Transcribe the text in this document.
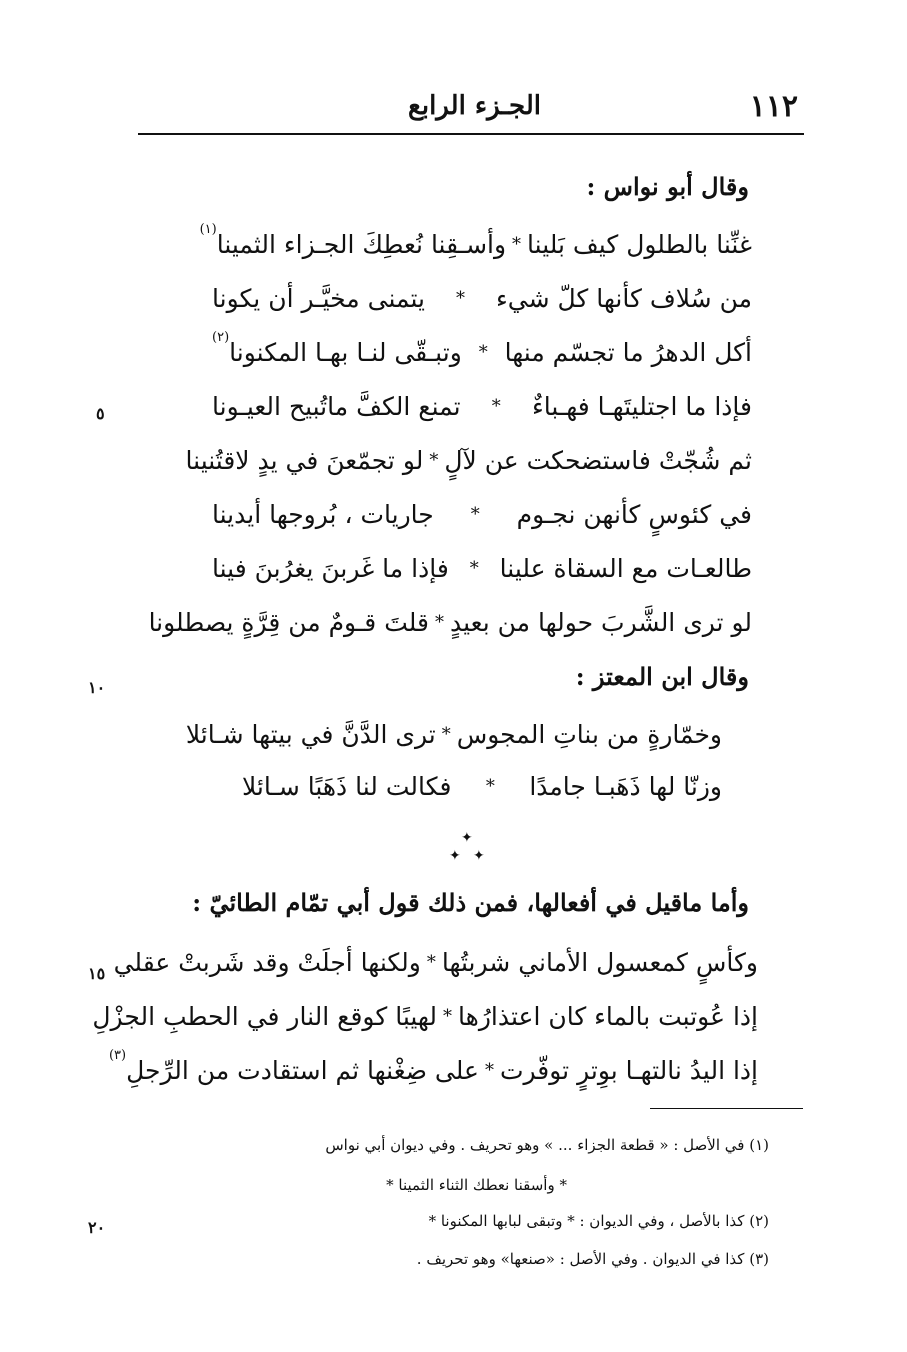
١١٢
الجـزء الرابع
وقال أبو نواس :
غنِّنا بالطلول كيف بَلينا
*
وأسـقِنا نُعطِكَ الجـزاء الثمينا$^{(١)}$
من سُلاف كأنها كلّ شيء
*
يتمنى مخيَّـر أن يكونا
أكل الدهرُ ما تجسّم منها
*
وتبـقّى لنـا بهـا المكنونا$^{(٢)}$
فإذا ما اجتليتَهـا فهـباءٌ
*
تمنع الكفَّ ماتُبيح العيـونا
ثم شُجّتْ فاستضحكت عن لآلٍ
*
لو تجمّعنَ في يدٍ لاقتُنينا
في كئوسٍ كأنهن نجـوم
*
جاريات ، بُروجها أيدينا
طالعـات مع السقاة علينا
*
فإذا ما غَربنَ يغرُبنَ فينا
لو ترى الشَّربَ حولها من بعيدٍ
*
قلتَ قـومٌ من قِرَّةٍ يصطلونا
وقال ابن المعتز :
وخمّارةٍ من بناتِ المجوس
*
ترى الدَّنَّ في بيتها شـائلا
وزنّا لها ذَهَبـا جامدًا
*
فكالت لنا ذَهَبًا سـائلا
✦
✦ ✦
وأما ماقيل في أفعالها، فمن ذلك قول أبي تمّام الطائيّ :
وكأسٍ كمعسول الأماني شربتُها
*
ولكنها أجلَتْ وقد شَربتْ عقلي
إذا عُوتبت بالماء كان اعتذارُها
*
لهيبًا كوقع النار في الحطبِ الجزْلِ
إذا اليدُ نالتهـا بوِترٍ توفّرت
*
على ضِغْنها ثم استقادت من الرِّجلِ$^{(٣)}$
٥
١٠
١٥
٢٠
(١) في الأصل : « قطعة الجزاء ... » وهو تحريف . وفي ديوان أبي نواس
* وأسقنا نعطك الثناء الثمينا *
(٢) كذا بالأصل ، وفي الديوان : * وتبقى لبابها المكنونا *
(٣) كذا في الديوان . وفي الأصل : «صنعها» وهو تحريف .
